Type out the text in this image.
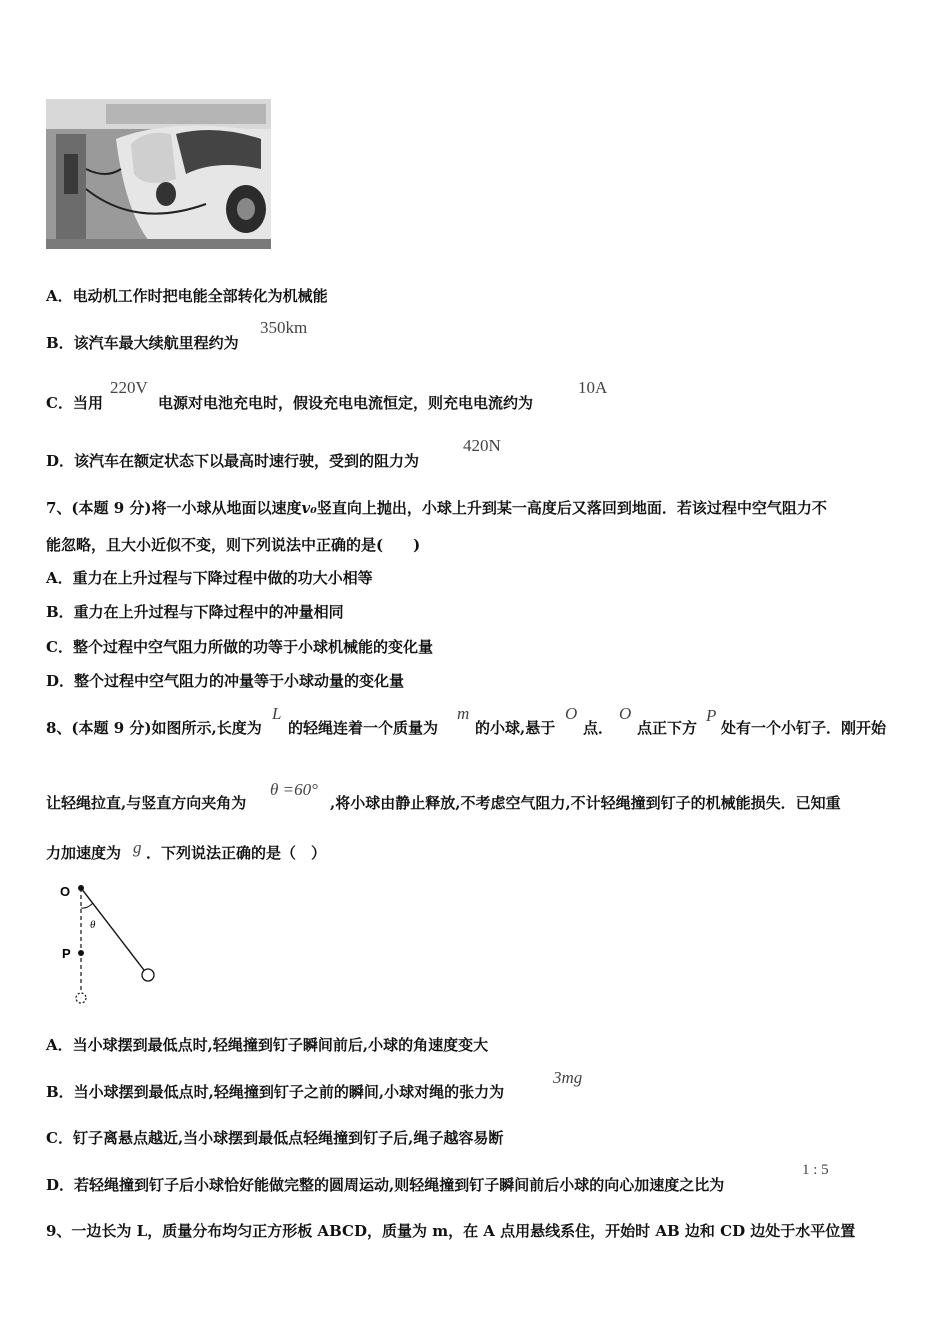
A．电动机工作时把电能全部转化为机械能
B．该汽车最大续航里程约为
350km
C．当用
220V
电源对电池充电时，假设充电电流恒定，则充电电流约为
10A
D．该汽车在额定状态下以最高时速行驶，受到的阻力为
420N
7、(本题 9 分)将一小球从地面以速度v₀竖直向上抛出，小球上升到某一高度后又落回到地面．若该过程中空气阻力不
能忽略，且大小近似不变，则下列说法中正确的是(　　)
A．重力在上升过程与下降过程中做的功大小相等
B．重力在上升过程与下降过程中的冲量相同
C．整个过程中空气阻力所做的功等于小球机械能的变化量
D．整个过程中空气阻力的冲量等于小球动量的变化量
8、(本题 9 分)如图所示,长度为
L
的轻绳连着一个质量为
m
的小球,悬于
O
点．
O
点正下方
P
处有一个小钉子．刚开始
让轻绳拉直,与竖直方向夹角为
θ =60°
,将小球由静止释放,不考虑空气阻力,不计轻绳撞到钉子的机械能损失．已知重
力加速度为 g ．下列说法正确的是（　）
O
θ
P
A．当小球摆到最低点时,轻绳撞到钉子瞬间前后,小球的角速度变大
B．当小球摆到最低点时,轻绳撞到钉子之前的瞬间,小球对绳的张力为
3mg
C．钉子离悬点越近,当小球摆到最低点轻绳撞到钉子后,绳子越容易断
D．若轻绳撞到钉子后小球恰好能做完整的圆周运动,则轻绳撞到钉子瞬间前后小球的向心加速度之比为
1 : 5
9、一边长为 L，质量分布均匀正方形板 ABCD，质量为 m，在 A 点用悬线系住，开始时 AB 边和 CD 边处于水平位置
